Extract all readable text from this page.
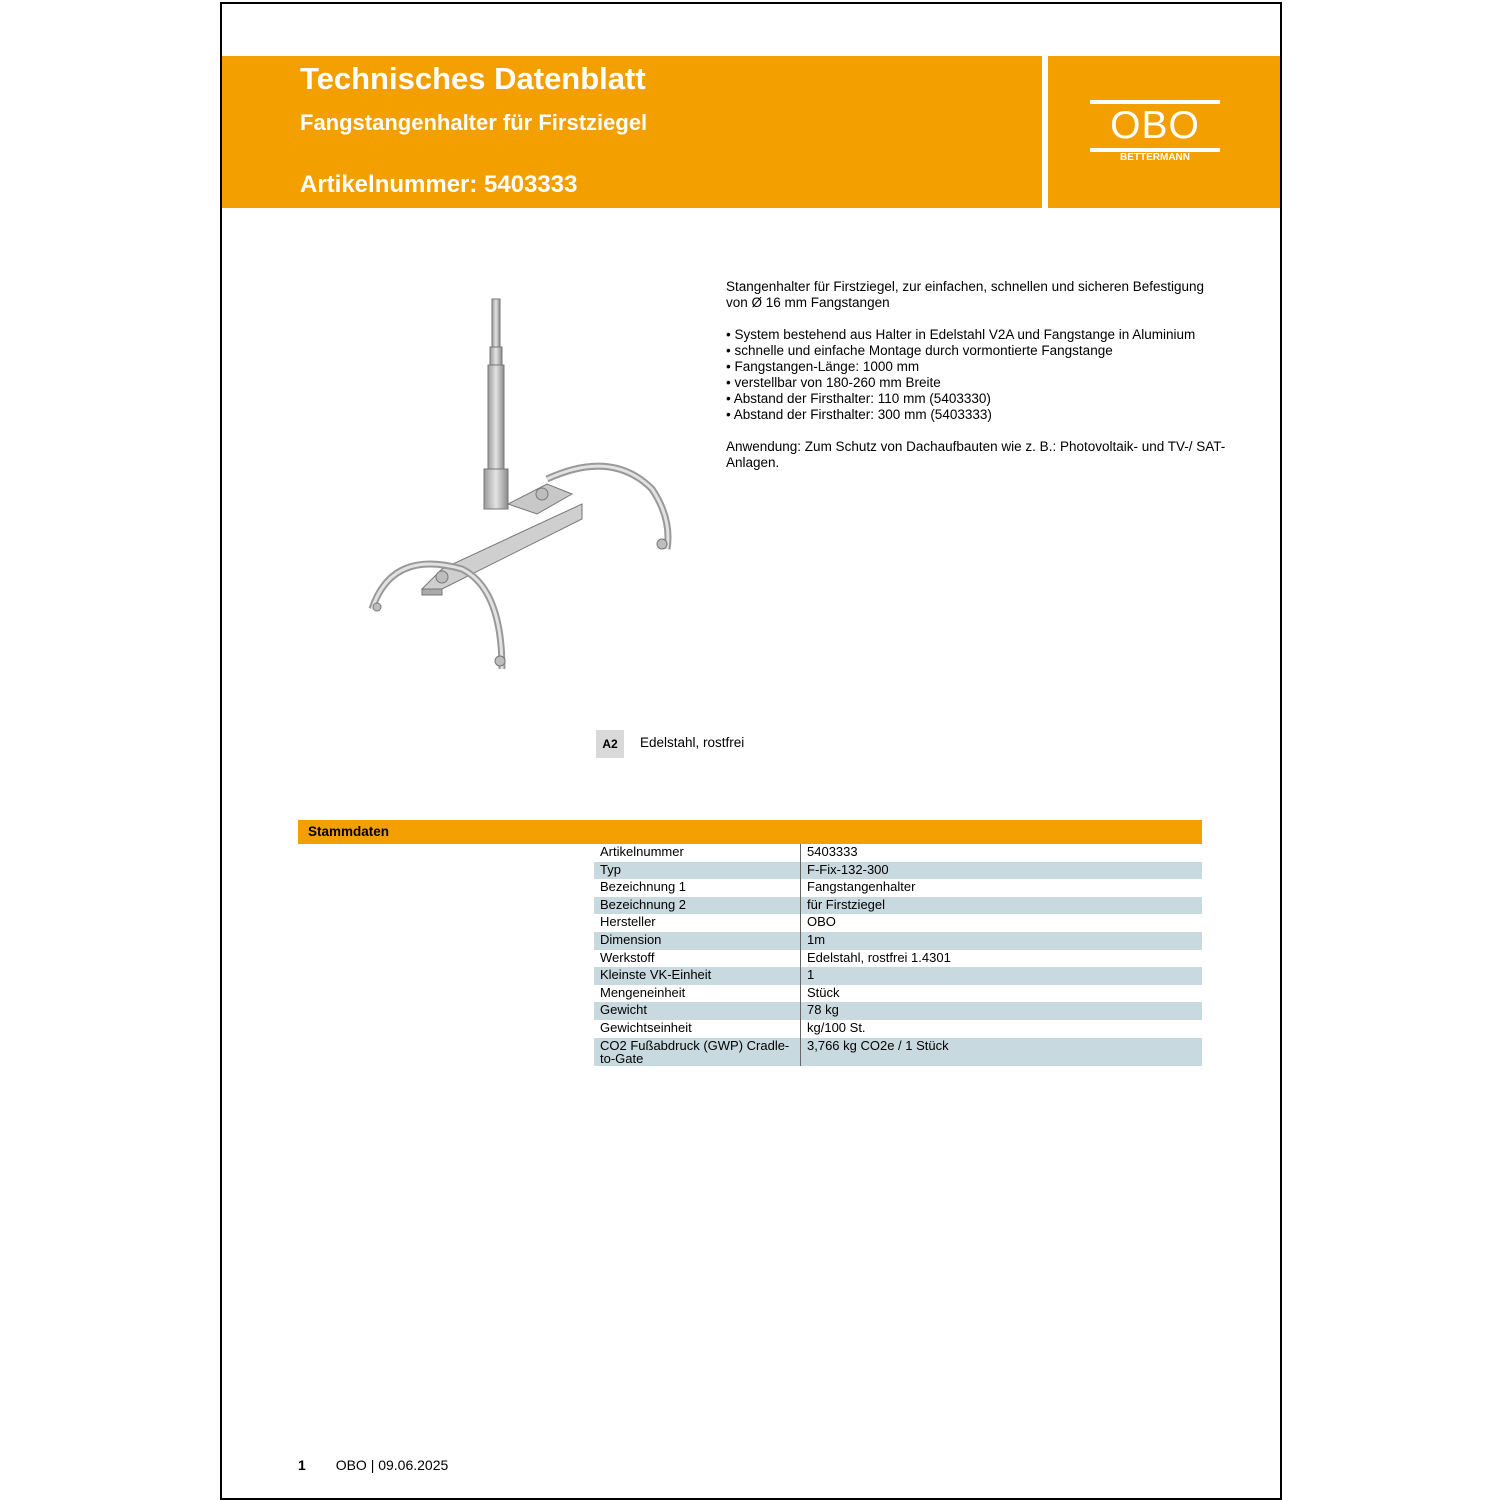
Technisches Datenblatt
Fangstangenhalter für Firstziegel
Artikelnummer: 5403333
OBO
BETTERMANN

Stangenhalter für Firstziegel, zur einfachen, schnellen und sicheren Befestigung von Ø 16 mm Fangstangen

• System bestehend aus Halter in Edelstahl V2A und Fangstange in Aluminium
• schnelle und einfache Montage durch vormontierte Fangstange
• Fangstangen-Länge: 1000 mm
• verstellbar von 180-260 mm Breite
• Abstand der Firsthalter: 110 mm (5403330)
• Abstand der Firsthalter: 300 mm (5403333)

Anwendung: Zum Schutz von Dachaufbauten wie z. B.: Photovoltaik- und TV-/ SAT-Anlagen.

A2	Edelstahl, rostfrei
Stammdaten
Artikelnummer	5403333
Typ	F-Fix-132-300
Bezeichnung 1	Fangstangenhalter
Bezeichnung 2	für Firstziegel
Hersteller	OBO
Dimension	1m
Werkstoff	Edelstahl, rostfrei 1.4301
Kleinste VK-Einheit	1
Mengeneinheit	Stück
Gewicht	78 kg
Gewichtseinheit	kg/100 St.
CO2 Fußabdruck (GWP) Cradle-to-Gate	3,766 kg CO2e / 1 Stück
1 OBO | 09.06.2025
